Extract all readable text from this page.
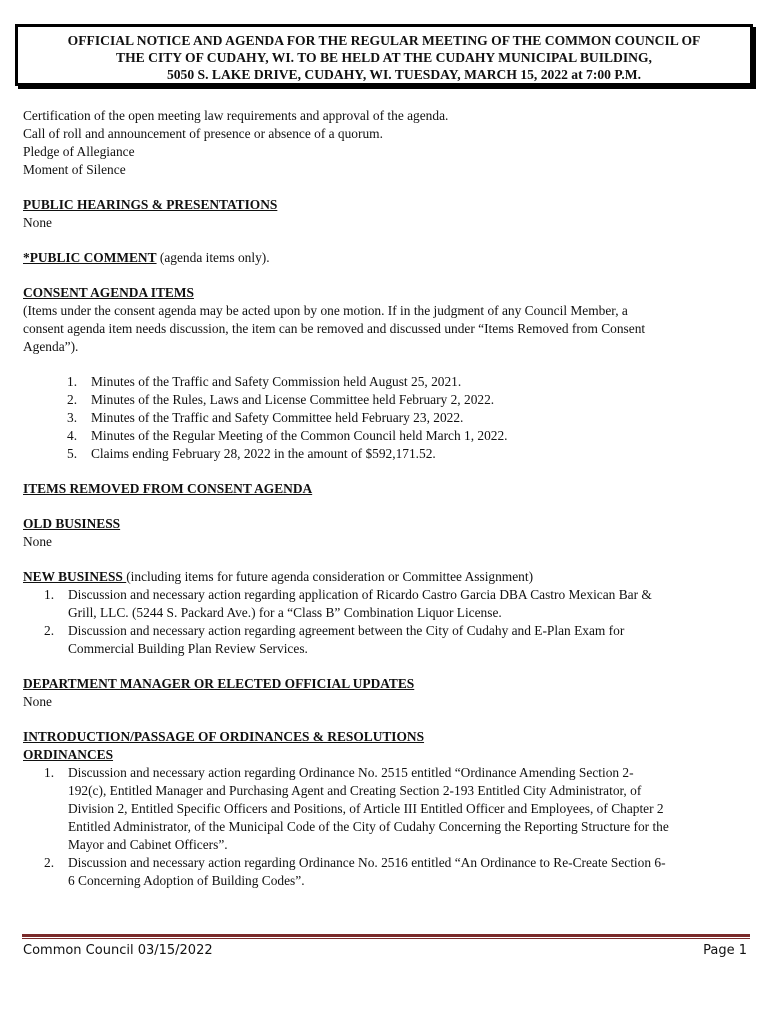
OFFICIAL NOTICE AND AGENDA FOR THE REGULAR MEETING OF THE COMMON COUNCIL OF
THE CITY OF CUDAHY, WI. TO BE HELD AT THE CUDAHY MUNICIPAL BUILDING,
5050 S. LAKE DRIVE, CUDAHY, WI. TUESDAY, MARCH 15, 2022 at 7:00 P.M.

Certification of the open meeting law requirements and approval of the agenda.

Call of roll and announcement of presence or absence of a quorum.

Pledge of Allegiance

Moment of Silence

PUBLIC HEARINGS & PRESENTATIONS

None

*PUBLIC COMMENT (agenda items only).

CONSENT AGENDA ITEMS

(Items under the consent agenda may be acted upon by one motion. If in the judgment of any Council Member, a

consent agenda item needs discussion, the item can be removed and discussed under “Items Removed from Consent

Agenda”).

1. Minutes of the Traffic and Safety Commission held August 25, 2021.
2. Minutes of the Rules, Laws and License Committee held February 2, 2022.
3. Minutes of the Traffic and Safety Committee held February 23, 2022.
4. Minutes of the Regular Meeting of the Common Council held March 1, 2022.
5. Claims ending February 28, 2022 in the amount of $592,171.52.

ITEMS REMOVED FROM CONSENT AGENDA

OLD BUSINESS

None

NEW BUSINESS (including items for future agenda consideration or Committee Assignment)

1. Discussion and necessary action regarding application of Ricardo Castro Garcia DBA Castro Mexican Bar &
Grill, LLC. (5244 S. Packard Ave.) for a “Class B” Combination Liquor License.
2. Discussion and necessary action regarding agreement between the City of Cudahy and E-Plan Exam for
Commercial Building Plan Review Services.

DEPARTMENT MANAGER OR ELECTED OFFICIAL UPDATES

None

INTRODUCTION/PASSAGE OF ORDINANCES & RESOLUTIONS

ORDINANCES

1. Discussion and necessary action regarding Ordinance No. 2515 entitled “Ordinance Amending Section 2-
192(c), Entitled Manager and Purchasing Agent and Creating Section 2-193 Entitled City Administrator, of
Division 2, Entitled Specific Officers and Positions, of Article III Entitled Officer and Employees, of Chapter 2
Entitled Administrator, of the Municipal Code of the City of Cudahy Concerning the Reporting Structure for the
Mayor and Cabinet Officers”.
2. Discussion and necessary action regarding Ordinance No. 2516 entitled “An Ordinance to Re-Create Section 6-
6 Concerning Adoption of Building Codes”.
Common Council 03/15/2022	Page 1
